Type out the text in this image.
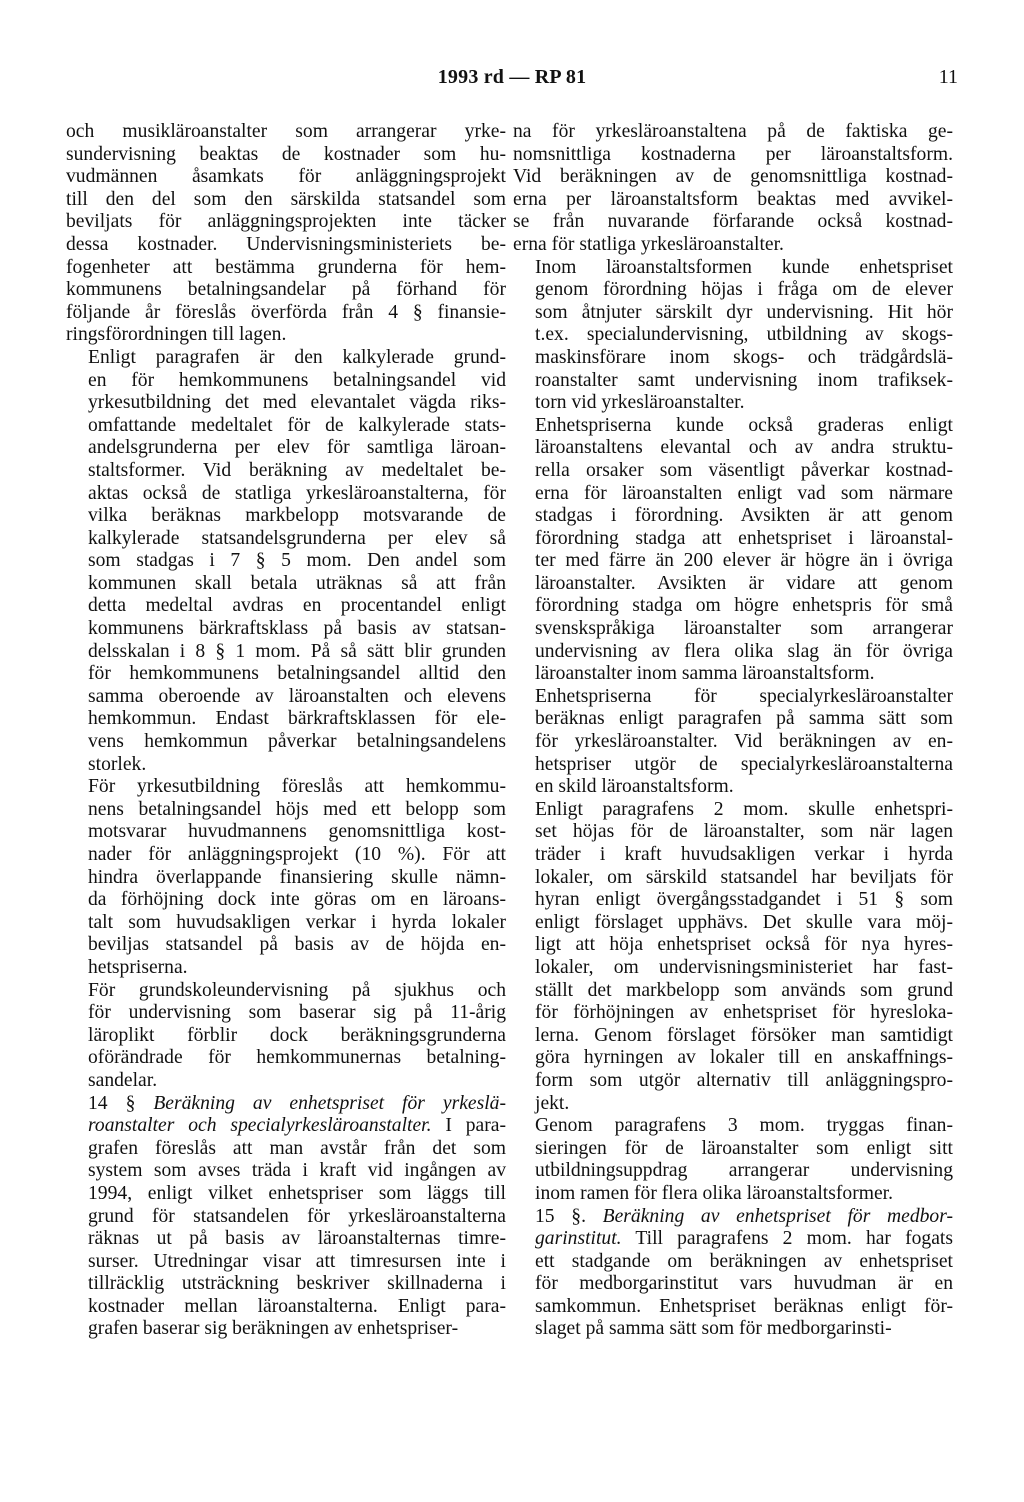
1993 rd — RP 81	11
och musikläroanstalter som arrangerar yrke-
sundervisning beaktas de kostnader som hu-
vudmännen åsamkats för anläggningsprojekt
till den del som den särskilda statsandel som
beviljats för anläggningsprojekten inte täcker
dessa kostnader. Undervisningsministeriets be-
fogenheter att bestämma grunderna för hem-
kommunens betalningsandelar på förhand för
följande år föreslås överförda från 4 § finansie-
ringsförordningen till lagen.
Enligt paragrafen är den kalkylerade grund-
en för hemkommunens betalningsandel vid
yrkesutbildning det med elevantalet vägda riks-
omfattande medeltalet för de kalkylerade stats-
andelsgrunderna per elev för samtliga läroan-
staltsformer. Vid beräkning av medeltalet be-
aktas också de statliga yrkesläroanstalterna, för
vilka beräknas markbelopp motsvarande de
kalkylerade statsandelsgrunderna per elev så
som stadgas i 7 § 5 mom. Den andel som
kommunen skall betala uträknas så att från
detta medeltal avdras en procentandel enligt
kommunens bärkraftsklass på basis av statsan-
delsskalan i 8 § 1 mom. På så sätt blir grunden
för hemkommunens betalningsandel alltid den
samma oberoende av läroanstalten och elevens
hemkommun. Endast bärkraftsklassen för ele-
vens hemkommun påverkar betalningsandelens
storlek.
För yrkesutbildning föreslås att hemkommu-
nens betalningsandel höjs med ett belopp som
motsvarar huvudmannens genomsnittliga kost-
nader för anläggningsprojekt (10 %). För att
hindra överlappande finansiering skulle nämn-
da förhöjning dock inte göras om en läroans-
talt som huvudsakligen verkar i hyrda lokaler
beviljas statsandel på basis av de höjda en-
hetspriserna.
För grundskoleundervisning på sjukhus och
för undervisning som baserar sig på 11-årig
läroplikt förblir dock beräkningsgrunderna
oförändrade för hemkommunernas betalning-
sandelar.
14 § Beräkning av enhetspriset för yrkeslä-
roanstalter och specialyrkesläroanstalter. I para-
grafen föreslås att man avstår från det som
system som avses träda i kraft vid ingången av
1994, enligt vilket enhetspriser som läggs till
grund för statsandelen för yrkesläroanstalterna
räknas ut på basis av läroanstalternas timre-
surser. Utredningar visar att timresursen inte i
tillräcklig utsträckning beskriver skillnaderna i
kostnader mellan läroanstalterna. Enligt para-
grafen baserar sig beräkningen av enhetspriser-
na för yrkesläroanstaltena på de faktiska ge-
nomsnittliga kostnaderna per läroanstaltsform.
Vid beräkningen av de genomsnittliga kostnad-
erna per läroanstaltsform beaktas med avvikel-
se från nuvarande förfarande också kostnad-
erna för statliga yrkesläroanstalter.
Inom läroanstaltsformen kunde enhetspriset
genom förordning höjas i fråga om de elever
som åtnjuter särskilt dyr undervisning. Hit hör
t.ex. specialundervisning, utbildning av skogs-
maskinsförare inom skogs- och trädgårdslä-
roanstalter samt undervisning inom trafiksek-
torn vid yrkesläroanstalter.
Enhetspriserna kunde också graderas enligt
läroanstaltens elevantal och av andra struktu-
rella orsaker som väsentligt påverkar kostnad-
erna för läroanstalten enligt vad som närmare
stadgas i förordning. Avsikten är att genom
förordning stadga att enhetspriset i läroanstal-
ter med färre än 200 elever är högre än i övriga
läroanstalter. Avsikten är vidare att genom
förordning stadga om högre enhetspris för små
svenskspråkiga läroanstalter som arrangerar
undervisning av flera olika slag än för övriga
läroanstalter inom samma läroanstaltsform.
Enhetspriserna för specialyrkesläroanstalter
beräknas enligt paragrafen på samma sätt som
för yrkesläroanstalter. Vid beräkningen av en-
hetspriser utgör de specialyrkesläroanstalterna
en skild läroanstaltsform.
Enligt paragrafens 2 mom. skulle enhetspri-
set höjas för de läroanstalter, som när lagen
träder i kraft huvudsakligen verkar i hyrda
lokaler, om särskild statsandel har beviljats för
hyran enligt övergångsstadgandet i 51 § som
enligt förslaget upphävs. Det skulle vara möj-
ligt att höja enhetspriset också för nya hyres-
lokaler, om undervisningsministeriet har fast-
ställt det markbelopp som används som grund
för förhöjningen av enhetspriset för hyresloka-
lerna. Genom förslaget försöker man samtidigt
göra hyrningen av lokaler till en anskaffnings-
form som utgör alternativ till anläggningspro-
jekt.
Genom paragrafens 3 mom. tryggas finan-
sieringen för de läroanstalter som enligt sitt
utbildningsuppdrag arrangerar undervisning
inom ramen för flera olika läroanstaltsformer.
15 §. Beräkning av enhetspriset för medbor-
garinstitut. Till paragrafens 2 mom. har fogats
ett stadgande om beräkningen av enhetspriset
för medborgarinstitut vars huvudman är en
samkommun. Enhetspriset beräknas enligt för-
slaget på samma sätt som för medborgarinsti-
